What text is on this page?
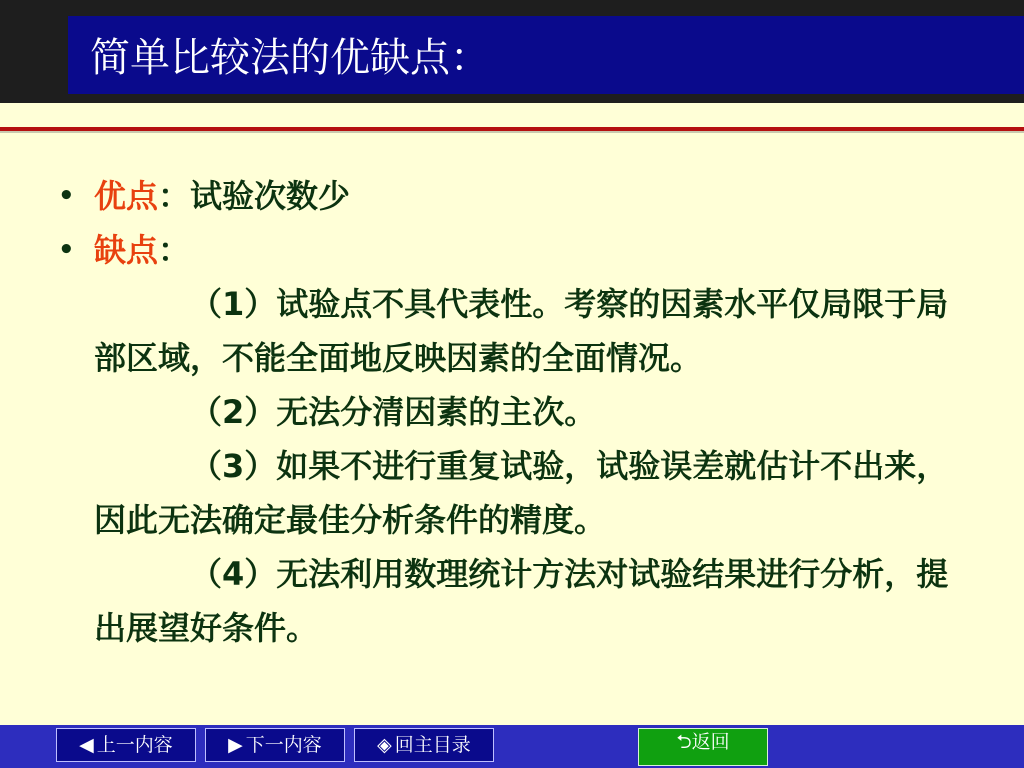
简单比较法的优缺点：
• 优点：试验次数少
• 缺点：

（1）试验点不具代表性。考察的因素水平仅局限于局部区域，不能全面地反映因素的全面情况。

（2）无法分清因素的主次。

（3）如果不进行重复试验，试验误差就估计不出来，因此无法确定最佳分析条件的精度。

（4）无法利用数理统计方法对试验结果进行分析，提出展望好条件。

◀ 上一内容	▶ 下一内容	◈ 回主目录	⮌返回
